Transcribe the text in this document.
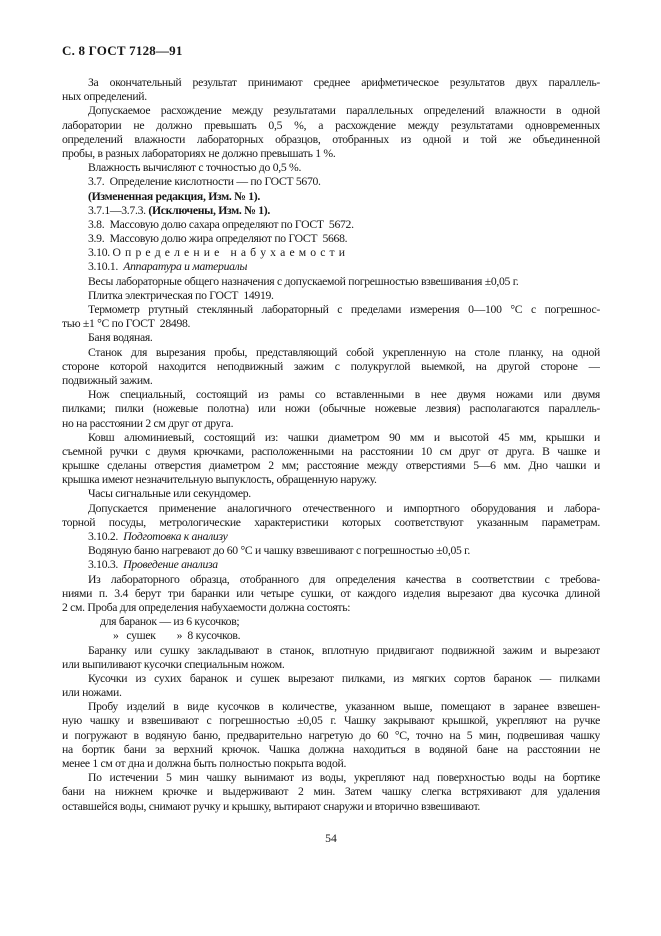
С. 8 ГОСТ 7128—91
За окончательный результат принимают среднее арифметическое результатов двух параллель-
ных определений.
Допускаемое расхождение между результатами параллельных определений влажности в одной
лаборатории не должно превышать 0,5 %, а расхождение между результатами одновременных
определений влажности лабораторных образцов, отобранных из одной и той же объединенной
пробы, в разных лабораториях не должно превышать 1 %.
Влажность вычисляют с точностью до 0,5 %.
3.7.  Определение кислотности — по ГОСТ 5670.
(Измененная редакция, Изм. № 1).
3.7.1—3.7.3. (Исключены, Изм. № 1).
3.8.  Массовую долю сахара определяют по ГОСТ  5672.
3.9.  Массовую долю жира определяют по ГОСТ  5668.
3.10. О п р е д е л е н и е   н а б у х а е м о с т и
3.10.1.  Аппаратура и материалы
Весы лабораторные общего назначения с допускаемой погрешностью взвешивания ±0,05 г.
Плитка электрическая по ГОСТ  14919.
Термометр ртутный стеклянный лабораторный с пределами измерения 0—100 °С с погрешнос-
тью ±1 °С по ГОСТ  28498.
Баня водяная.
Станок для вырезания пробы, представляющий собой укрепленную на столе планку, на одной
стороне которой находится неподвижный зажим с полукруглой выемкой, на другой стороне —
подвижный зажим.
Нож специальный, состоящий из рамы со вставленными в нее двумя ножами или двумя
пилками; пилки (ножевые полотна) или ножи (обычные ножевые лезвия) располагаются параллель-
но на расстоянии 2 см друг от друга.
Ковш алюминиевый, состоящий из: чашки диаметром 90 мм и высотой 45 мм, крышки и
съемной ручки с двумя крючками, расположенными на расстоянии 10 см друг от друга. В чашке и
крышке сделаны отверстия диаметром 2 мм; расстояние между отверстиями 5—6 мм. Дно чашки и
крышка имеют незначительную выпуклость, обращенную наружу.
Часы сигнальные или секундомер.
Допускается применение аналогичного отечественного и импортного оборудования и лабора-
торной посуды, метрологические характеристики которых соответствуют указанным параметрам.
3.10.2.  Подготовка к анализу
Водяную баню нагревают до 60 °С и чашку взвешивают с погрешностью ±0,05 г.
3.10.3.  Проведение анализа
Из лабораторного образца, отобранного для определения качества в соответствии с требова-
ниями п. 3.4 берут три баранки или четыре сушки, от каждого изделия вырезают два кусочка длиной
2 см. Проба для определения набухаемости должна состоять:
для баранок — из 6 кусочков;
»   сушек        »  8 кусочков.
Баранку или сушку закладывают в станок, вплотную придвигают подвижной зажим и вырезают
или выпиливают кусочки специальным ножом.
Кусочки из сухих баранок и сушек вырезают пилками, из мягких сортов баранок — пилками
или ножами.
Пробу изделий в виде кусочков в количестве, указанном выше, помещают в заранее взвешен-
ную чашку и взвешивают с погрешностью ±0,05 г. Чашку закрывают крышкой, укрепляют на ручке
и погружают в водяную баню, предварительно нагретую до 60 °С, точно на 5 мин, подвешивая чашку
на бортик бани за верхний крючок. Чашка должна находиться в водяной бане на расстоянии не
менее 1 см от дна и должна быть полностью покрыта водой.
По истечении 5 мин чашку вынимают из воды, укрепляют над поверхностью воды на бортике
бани на нижнем крючке и выдерживают 2 мин. Затем чашку слегка встряхивают для удаления
оставшейся воды, снимают ручку и крышку, вытирают снаружи и вторично взвешивают.
54
